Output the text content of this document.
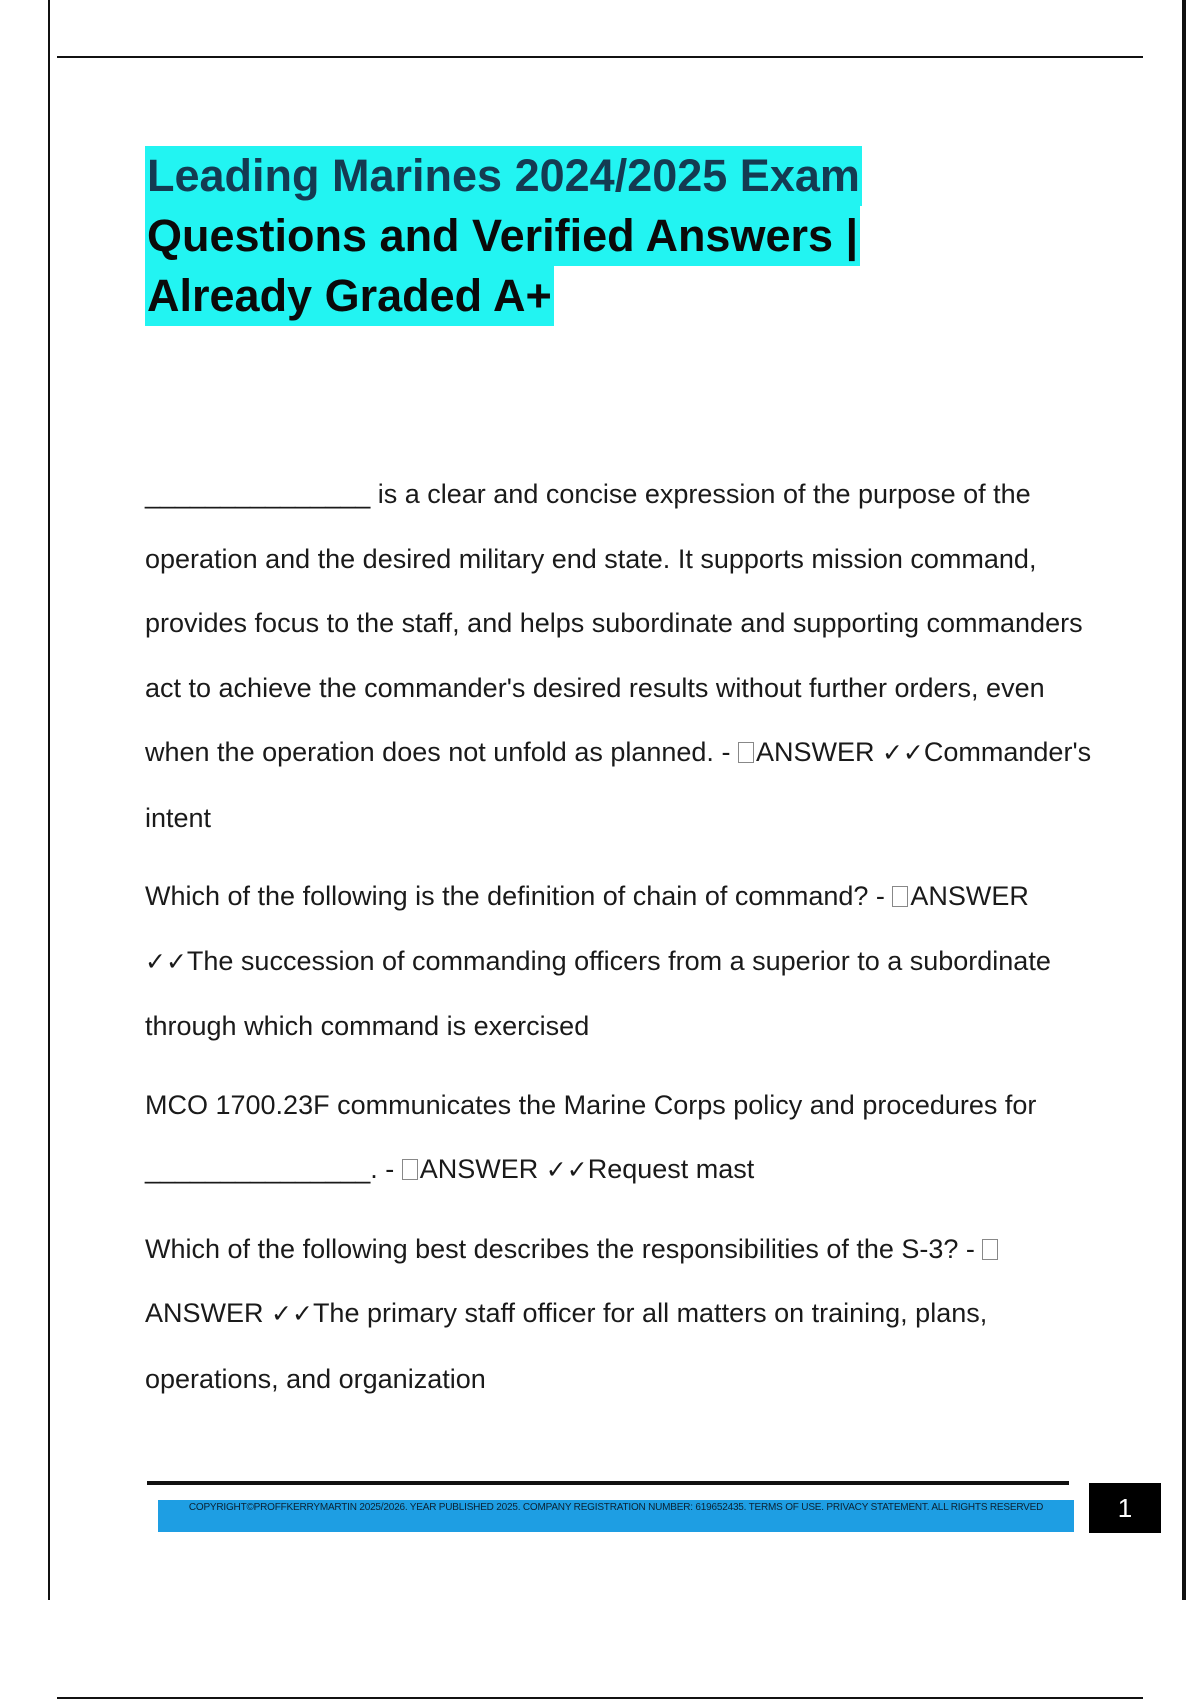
Leading Marines 2024/2025 Exam
Questions and Verified Answers |
Already Graded A+

_______________ is a clear and concise expression of the purpose of the operation and the desired military end state. It supports mission command, provides focus to the staff, and helps subordinate and supporting commanders act to achieve the commander's desired results without further orders, even when the operation does not unfold as planned. - ANSWER ✓✓Commander's intent

Which of the following is the definition of chain of command? - ANSWER ✓✓The succession of commanding officers from a superior to a subordinate through which command is exercised

MCO 1700.23F communicates the Marine Corps policy and procedures for _______________. - ANSWER ✓✓Request mast

Which of the following best describes the responsibilities of the S-3? - ANSWER ✓✓The primary staff officer for all matters on training, plans, operations, and organization

COPYRIGHT©PROFFKERRYMARTIN 2025/2026. YEAR PUBLISHED 2025. COMPANY REGISTRATION NUMBER: 619652435. TERMS OF USE. PRIVACY STATEMENT. ALL RIGHTS RESERVED	1
